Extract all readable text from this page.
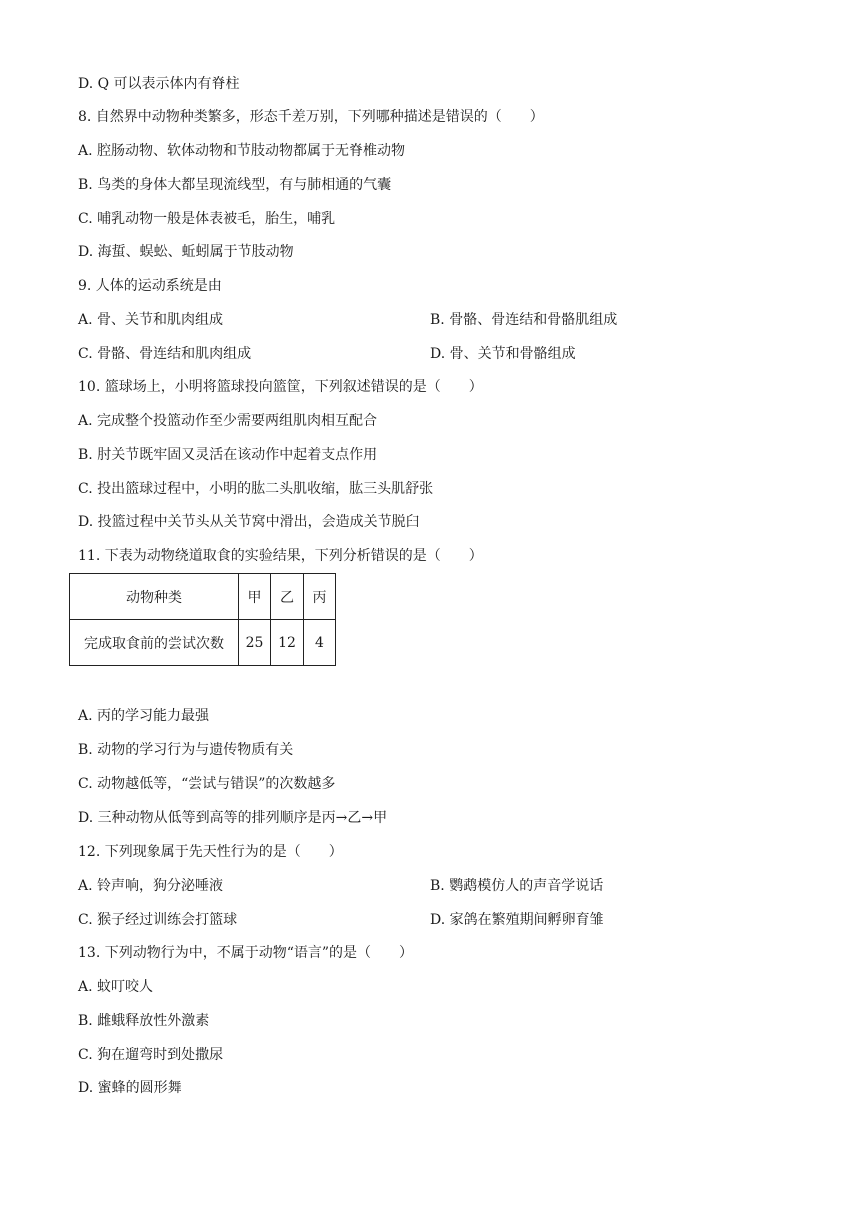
D. Q 可以表示体内有脊柱
8. 自然界中动物种类繁多，形态千差万别，下列哪种描述是错误的（　　）
A. 腔肠动物、软体动物和节肢动物都属于无脊椎动物
B. 鸟类的身体大都呈现流线型，有与肺相通的气囊
C. 哺乳动物一般是体表被毛，胎生，哺乳
D. 海蜇、蜈蚣、蚯蚓属于节肢动物
9. 人体的运动系统是由
A. 骨、关节和肌肉组成	B. 骨骼、骨连结和骨骼肌组成
C. 骨骼、骨连结和肌肉组成	D. 骨、关节和骨骼组成
10. 篮球场上，小明将篮球投向篮筐，下列叙述错误的是（　　）
A. 完成整个投篮动作至少需要两组肌肉相互配合
B. 肘关节既牢固又灵活在该动作中起着支点作用
C. 投出篮球过程中，小明的肱二头肌收缩，肱三头肌舒张
D. 投篮过程中关节头从关节窝中滑出，会造成关节脱臼
11. 下表为动物绕道取食的实验结果，下列分析错误的是（　　）
动物种类	甲	乙	丙
完成取食前的尝试次数	25	12	4
A. 丙的学习能力最强
B. 动物的学习行为与遗传物质有关
C. 动物越低等，“尝试与错误”的次数越多
D. 三种动物从低等到高等的排列顺序是丙→乙→甲
12. 下列现象属于先天性行为的是（　　）
A. 铃声响，狗分泌唾液	B. 鹦鹉模仿人的声音学说话
C. 猴子经过训练会打篮球	D. 家鸽在繁殖期间孵卵育雏
13. 下列动物行为中，不属于动物“语言”的是（　　）
A. 蚊叮咬人
B. 雌蛾释放性外激素
C. 狗在遛弯时到处撒尿
D. 蜜蜂的圆形舞
